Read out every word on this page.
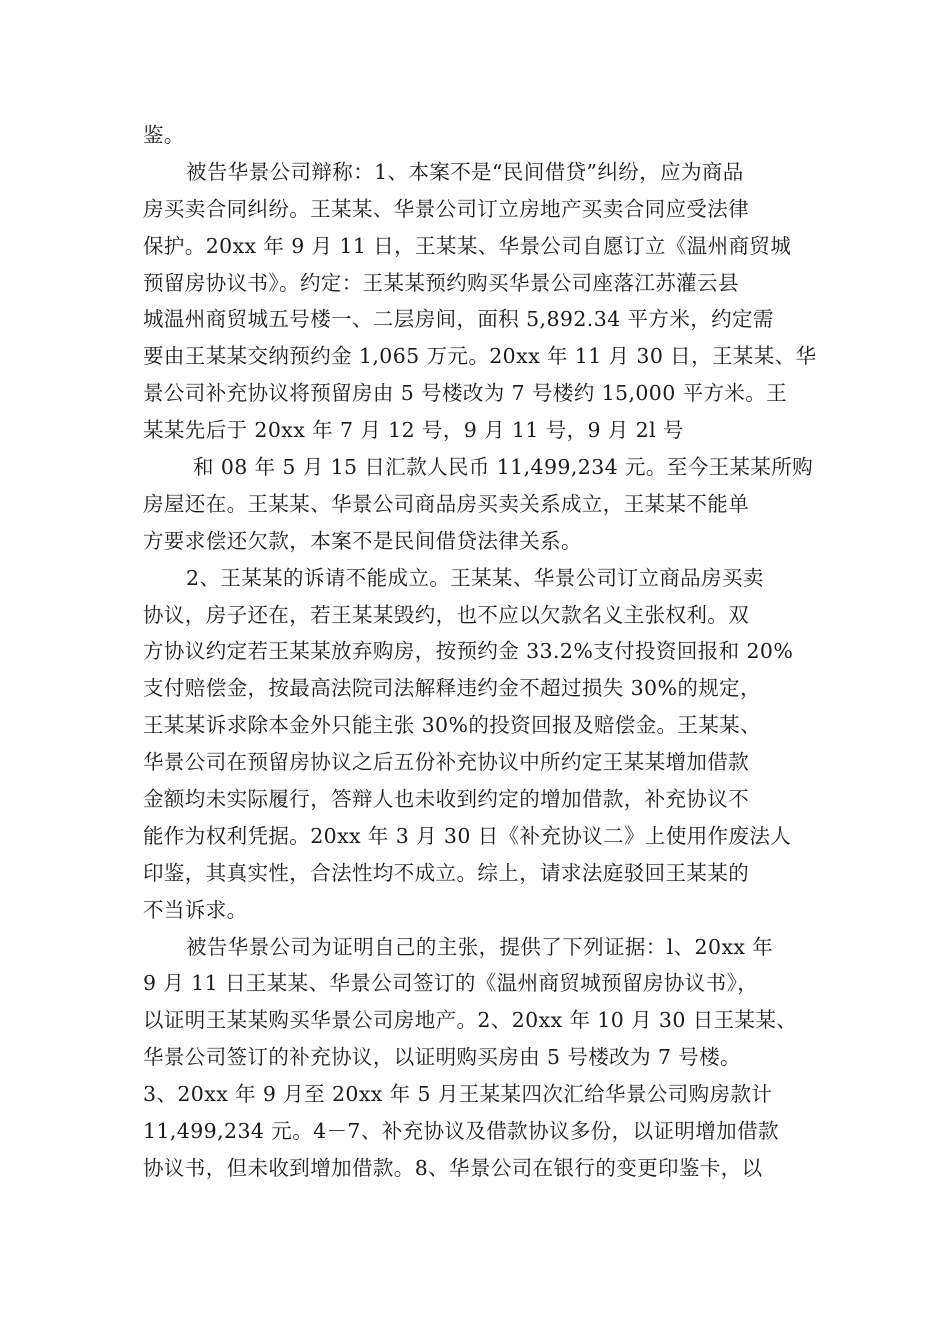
鉴。
被告华景公司辩称：1、本案不是“民间借贷”纠纷，应为商品
房买卖合同纠纷。王某某、华景公司订立房地产买卖合同应受法律
保护。20xx 年 9 月 11 日，王某某、华景公司自愿订立《温州商贸城
预留房协议书》。约定：王某某预约购买华景公司座落江苏灌云县
城温州商贸城五号楼一、二层房间，面积 5,892.34 平方米，约定需
要由王某某交纳预约金 1,065 万元。20xx 年 11 月 30 日，王某某、华
景公司补充协议将预留房由 5 号楼改为 7 号楼约 15,000 平方米。王
某某先后于 20xx 年 7 月 12 号，9 月 11 号，9 月 2l 号
和 08 年 5 月 15 日汇款人民币 11,499,234 元。至今王某某所购
房屋还在。王某某、华景公司商品房买卖关系成立，王某某不能单
方要求偿还欠款，本案不是民间借贷法律关系。
2、王某某的诉请不能成立。王某某、华景公司订立商品房买卖
协议，房子还在，若王某某毁约，也不应以欠款名义主张权利。双
方协议约定若王某某放弃购房，按预约金 33.2%支付投资回报和 20%
支付赔偿金，按最高法院司法解释违约金不超过损失 30%的规定，
王某某诉求除本金外只能主张 30%的投资回报及赔偿金。王某某、
华景公司在预留房协议之后五份补充协议中所约定王某某增加借款
金额均未实际履行，答辩人也未收到约定的增加借款，补充协议不
能作为权利凭据。20xx 年 3 月 30 日《补充协议二》上使用作废法人
印鉴，其真实性，合法性均不成立。综上，请求法庭驳回王某某的
不当诉求。
被告华景公司为证明自己的主张，提供了下列证据：l、20xx 年
9 月 11 日王某某、华景公司签订的《温州商贸城预留房协议书》，
以证明王某某购买华景公司房地产。2、20xx 年 10 月 30 日王某某、
华景公司签订的补充协议，以证明购买房由 5 号楼改为 7 号楼。
3、20xx 年 9 月至 20xx 年 5 月王某某四次汇给华景公司购房款计
11,499,234 元。4－7、补充协议及借款协议多份，以证明增加借款
协议书，但未收到增加借款。8、华景公司在银行的变更印鉴卡，以
